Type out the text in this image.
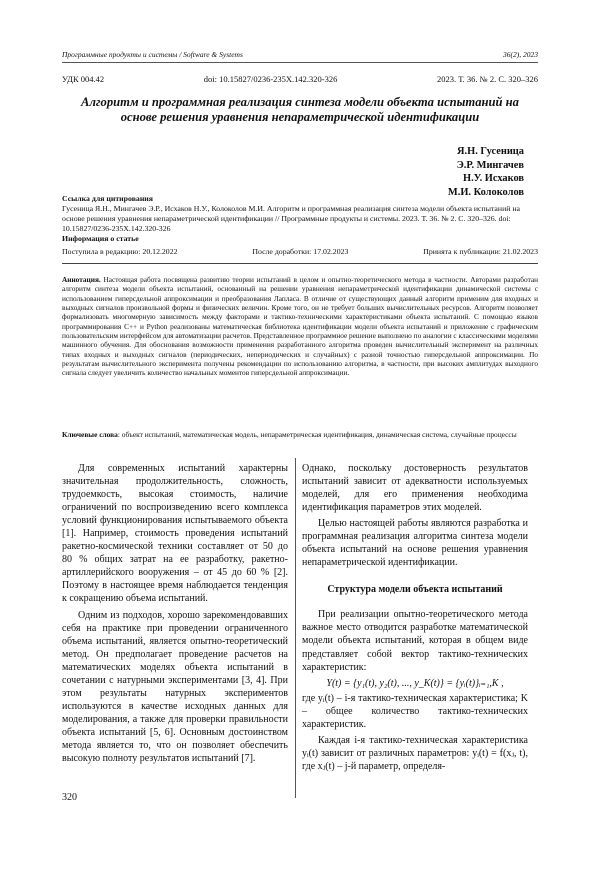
Программные продукты и системы / Software & Systems	36(2), 2023
УДК 004.42	doi: 10.15827/0236-235X.142.320-326	2023. Т. 36. № 2. С. 320–326
Алгоритм и программная реализация синтеза модели объекта испытаний на основе решения уравнения непараметрической идентификации
Я.Н. Гусеница
Э.Р. Мингачев
Н.У. Исхаков
М.И. Колоколов
Ссылка для цитирования
Гусеница Я.Н., Мингачев Э.Р., Исхаков Н.У., Колоколов М.И. Алгоритм и программная реализация синтеза модели объекта испытаний на основе решения уравнения непараметрической идентификации // Программные продукты и системы. 2023. Т. 36. № 2. С. 320–326. doi: 10.15827/0236-235X.142.320-326
Информация о статье
Поступила в редакцию: 20.12.2022	После доработки: 17.02.2023	Принята к публикации: 21.02.2023
Аннотация. Настоящая работа посвящена развитию теории испытаний в целом и опытно-теоретического метода в частности. Авторами разработан алгоритм синтеза модели объекта испытаний, основанный на решении уравнения непараметрической идентификации динамической системы с использованием гиперсдельной аппроксимации и преобразования Лапласа. В отличие от существующих данный алгоритм применим для входных и выходных сигналов произвольной формы и физических величин. Кроме того, он не требует больших вычислительных ресурсов. Алгоритм позволяет формализовать многомерную зависимость между факторами и тактико-техническими характеристиками объекта испытаний. С помощью языков программирования C++ и Python реализованы математическая библиотека идентификации модели объекта испытаний и приложение с графическим пользовательским интерфейсом для автоматизации расчетов. Представленное программное решение выполнено по аналогии с классическими моделями машинного обучения. Для обоснования возможности применения разработанного алгоритма проведен вычислительный эксперимент на различных типах входных и выходных сигналов (периодических, непериодических и случайных) с разной точностью гиперсдельной аппроксимации. По результатам вычислительного эксперимента получены рекомендации по использованию алгоритма, в частности, при высоких амплитудах выходного сигнала следует увеличить количество начальных моментов гиперсдельной аппроксимации.
Ключевые слова: объект испытаний, математическая модель, непараметрическая идентификация, динамическая система, случайные процессы

Для современных испытаний характерны значительная продолжительность, сложность, трудоемкость, высокая стоимость, наличие ограничений по воспроизведению всего комплекса условий функционирования испытываемого объекта [1]. Например, стоимость проведения испытаний ракетно-космической техники составляет от 50 до 80 % общих затрат на ее разработку, ракетно-артиллерийского вооружения – от 45 до 60 % [2]. Поэтому в настоящее время наблюдается тенденция к сокращению объема испытаний.

Одним из подходов, хорошо зарекомендовавших себя на практике при проведении ограниченного объема испытаний, является опытно-теоретический метод. Он предполагает проведение расчетов на математических моделях объекта испытаний в сочетании с натурными экспериментами [3, 4]. При этом результаты натурных экспериментов используются в качестве исходных данных для моделирования, а также для проверки правильности объекта испытаний [5, 6]. Основным достоинством метода является то, что он позволяет обеспечить высокую полноту результатов испытаний [7].

Однако, поскольку достоверность результатов испытаний зависит от адекватности используемых моделей, для его применения необходима идентификация параметров этих моделей.

Целью настоящей работы являются разработка и программная реализация алгоритма синтеза модели объекта испытаний на основе решения уравнения непараметрической идентификации.

Структура модели объекта испытаний

При реализации опытно-теоретического метода важное место отводится разработке математической модели объекта испытаний, которая в общем виде представляет собой вектор тактико-технических характеристик:

Y(t) = {y₁(t), y₂(t), ..., y_K(t)} = {yᵢ(t)}ᵢ₌₁,K ,

где yᵢ(t) – i-я тактико-техническая характеристика; K – общее количество тактико-технических характеристик.

Каждая i-я тактико-техническая характеристика yᵢ(t) зависит от различных параметров: yᵢ(t) = f(xⱼ, t), где xⱼ(t) – j-й параметр, определя-

320
